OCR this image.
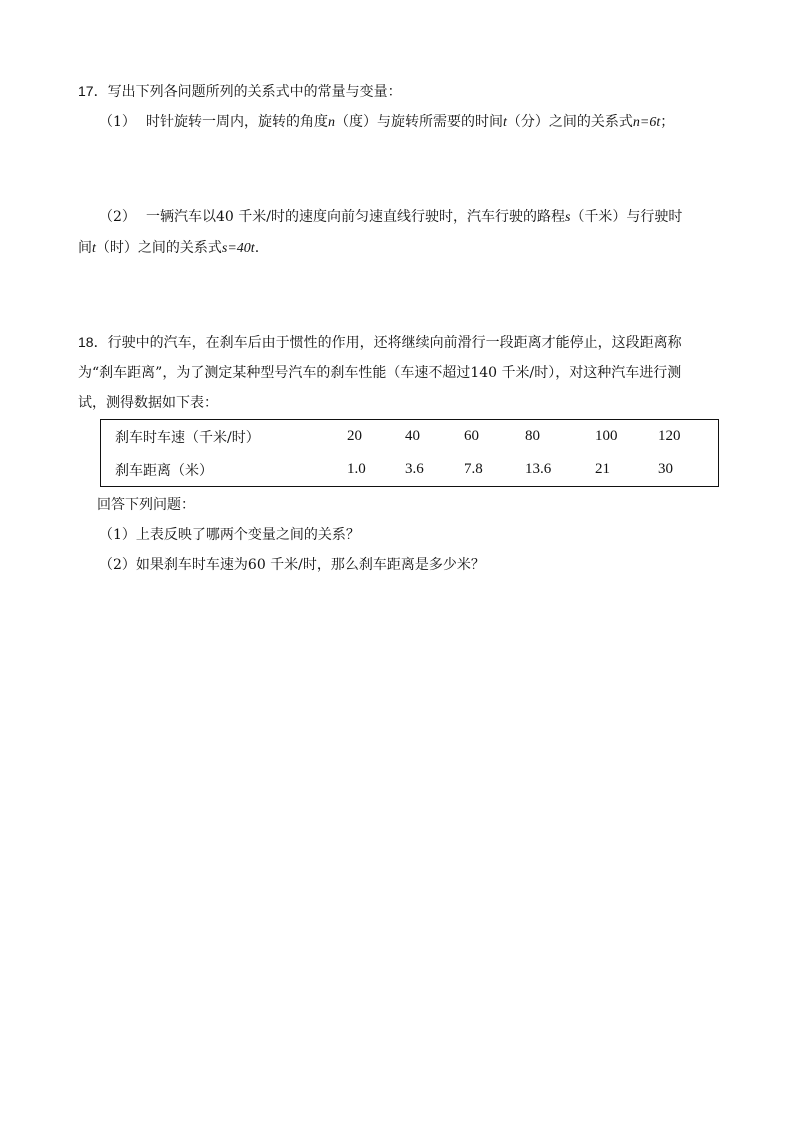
17．写出下列各问题所列的关系式中的常量与变量：
（1） 时针旋转一周内，旋转的角度n（度）与旋转所需要的时间t（分）之间的关系式n=6t；
（2） 一辆汽车以40 千米/时的速度向前匀速直线行驶时，汽车行驶的路程s（千米）与行驶时
间t（时）之间的关系式s=40t.
18．行驶中的汽车，在刹车后由于惯性的作用，还将继续向前滑行一段距离才能停止，这段距离称
为“刹车距离”，为了测定某种型号汽车的刹车性能（车速不超过140 千米/时），对这种汽车进行测
试，测得数据如下表：
刹车时车速（千米/时）	20	40	60	80	100	120
刹车距离（米）	1.0	3.6	7.8	13.6	21	30
回答下列问题：
（1）上表反映了哪两个变量之间的关系？
（2）如果刹车时车速为60 千米/时，那么刹车距离是多少米？
